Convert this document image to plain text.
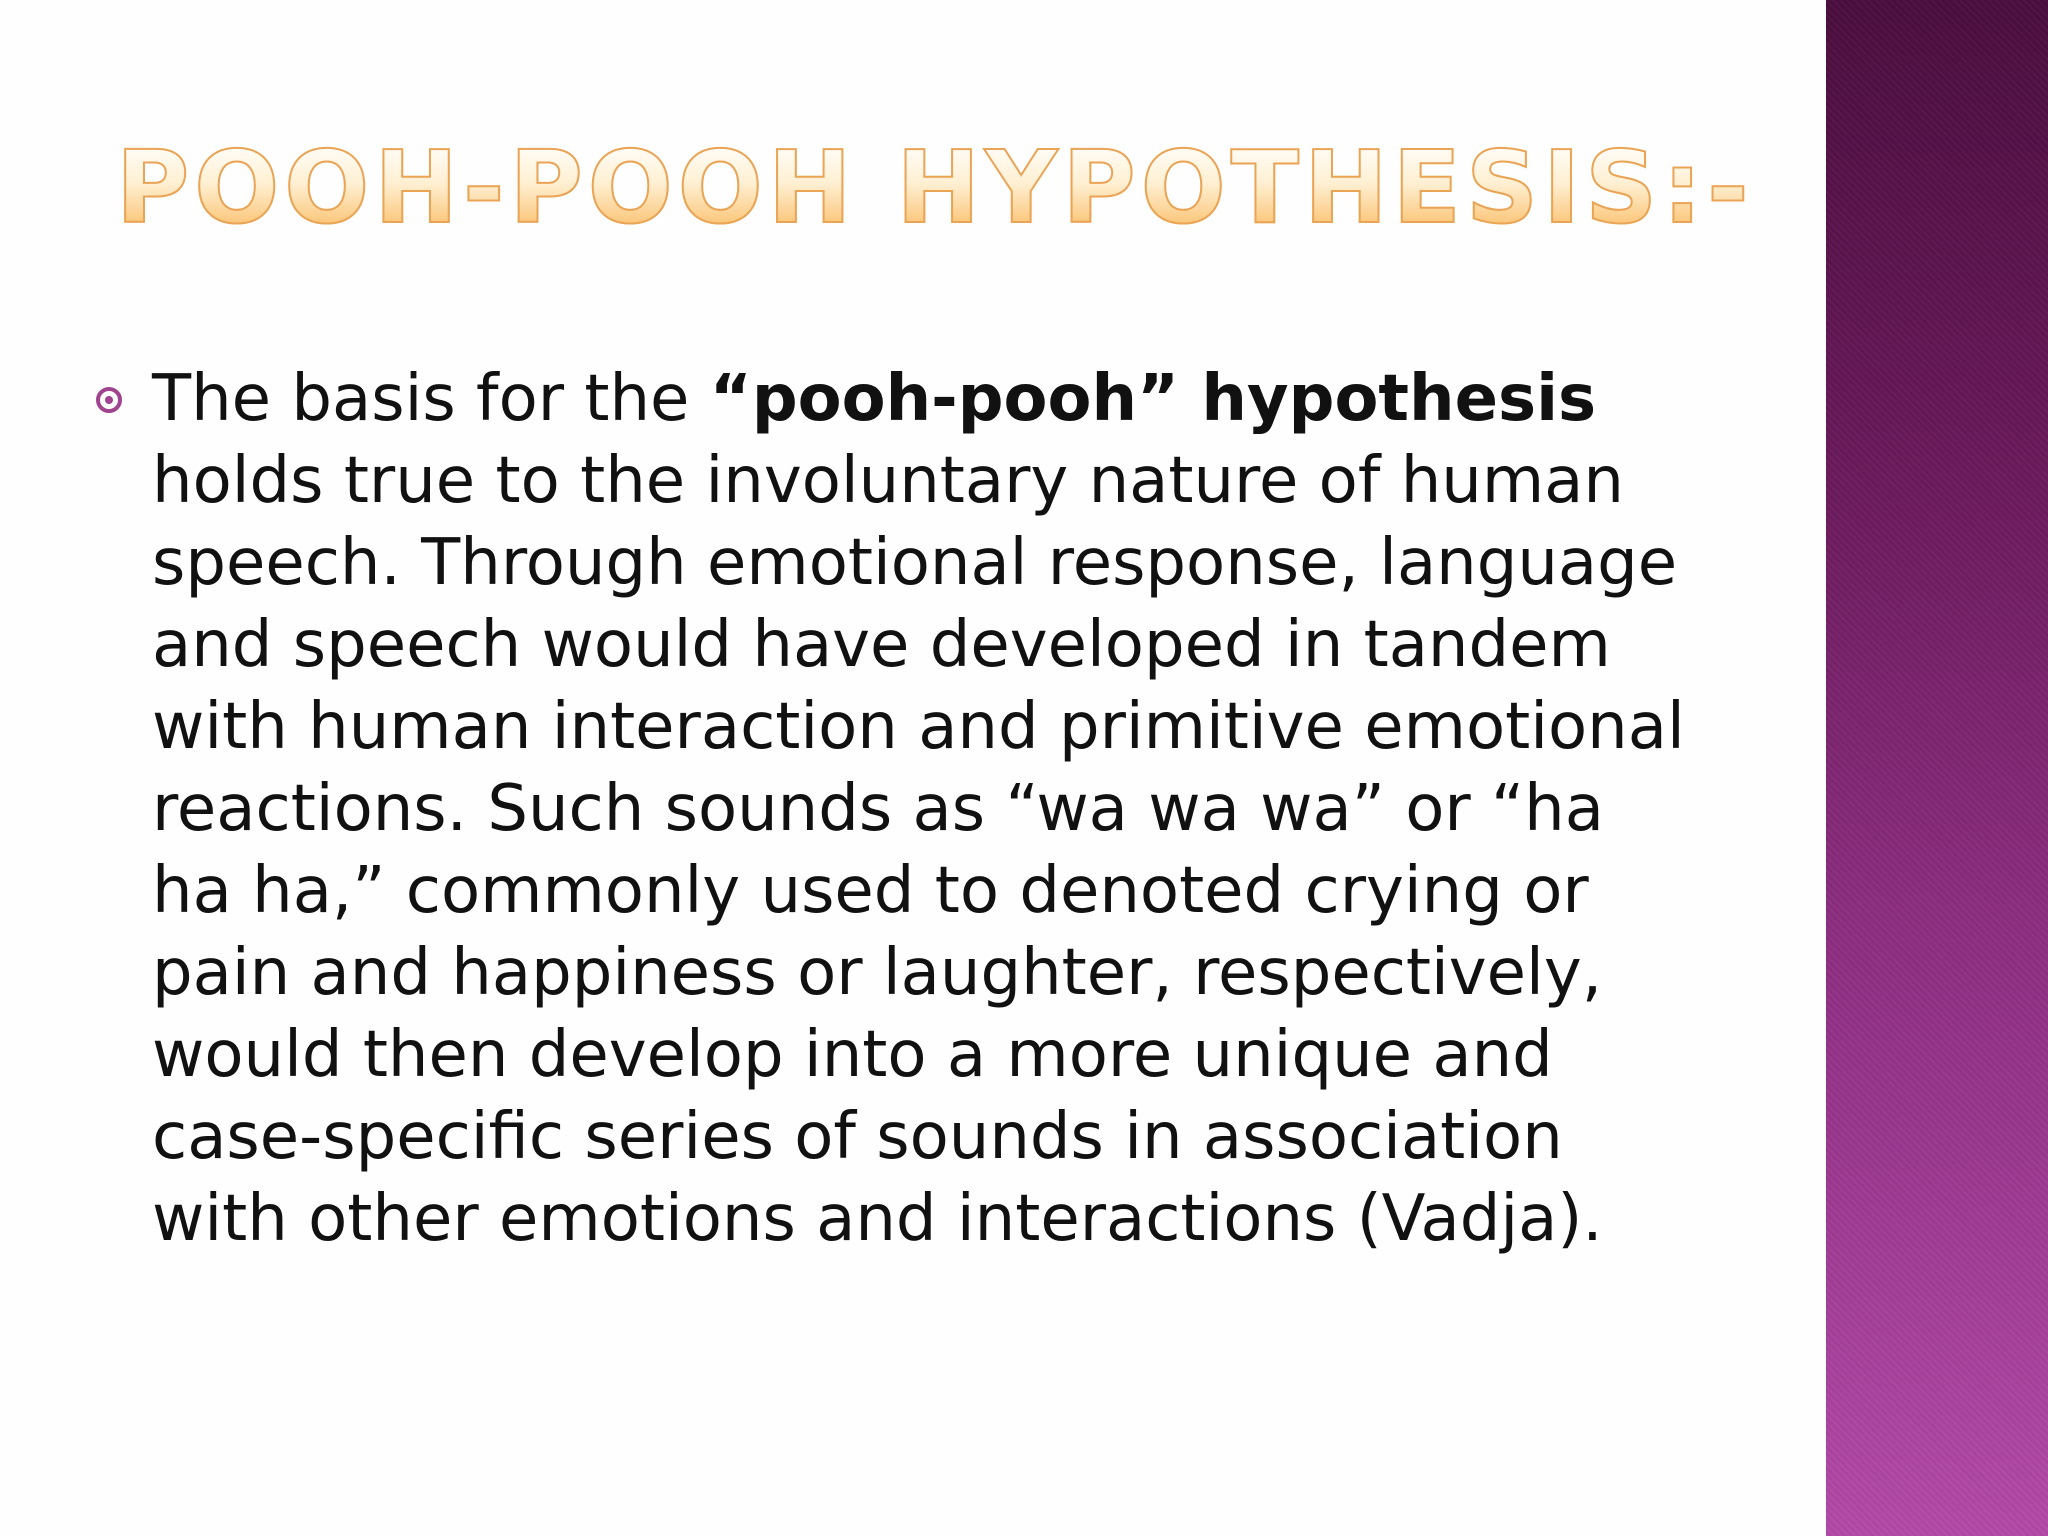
POOH-POOH HYPOTHESIS:-
The basis for the “pooh-pooh” hypothesis holds true to the involuntary nature of human speech. Through emotional response, language and speech would have developed in tandem with human interaction and primitive emotional reactions. Such sounds as “wa wa wa” or “ha ha ha,” commonly used to denoted crying or pain and happiness or laughter, respectively, would then develop into a more unique and case-specific series of sounds in association with other emotions and interactions (Vadja).
